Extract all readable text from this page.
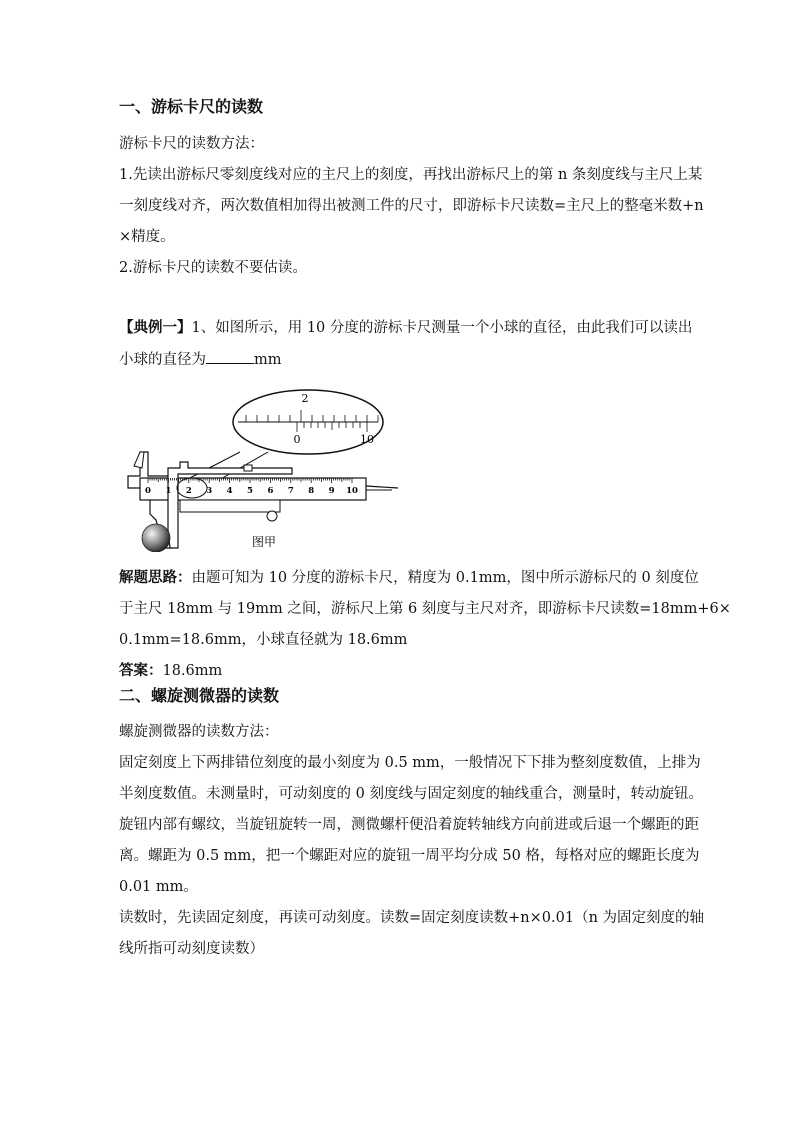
一、游标卡尺的读数
游标卡尺的读数方法：
1.先读出游标尺零刻度线对应的主尺上的刻度，再找出游标尺上的第 n 条刻度线与主尺上某
一刻度线对齐，两次数值相加得出被测工件的尺寸，即游标卡尺读数=主尺上的整毫米数+n
×精度。
2.游标卡尺的读数不要估读。
【典例一】1、如图所示，用 10 分度的游标卡尺测量一个小球的直径，由此我们可以读出
小球的直径为	mm
2
0	10
0 1 2 3 4 5 6 7 8 9 10
图甲
解题思路：由题可知为 10 分度的游标卡尺，精度为 0.1mm，图中所示游标尺的 0 刻度位
于主尺 18mm 与 19mm 之间，游标尺上第 6 刻度与主尺对齐，即游标卡尺读数=18mm+6×
0.1mm=18.6mm，小球直径就为 18.6mm
答案：18.6mm
二、螺旋测微器的读数
螺旋测微器的读数方法：
固定刻度上下两排错位刻度的最小刻度为 0.5 mm，一般情况下下排为整刻度数值，上排为
半刻度数值。未测量时，可动刻度的 0 刻度线与固定刻度的轴线重合，测量时，转动旋钮。
旋钮内部有螺纹，当旋钮旋转一周，测微螺杆便沿着旋转轴线方向前进或后退一个螺距的距
离。螺距为 0.5 mm，把一个螺距对应的旋钮一周平均分成 50 格，每格对应的螺距长度为
0.01 mm。
读数时，先读固定刻度，再读可动刻度。读数=固定刻度读数+n×0.01（n 为固定刻度的轴
线所指可动刻度读数）
